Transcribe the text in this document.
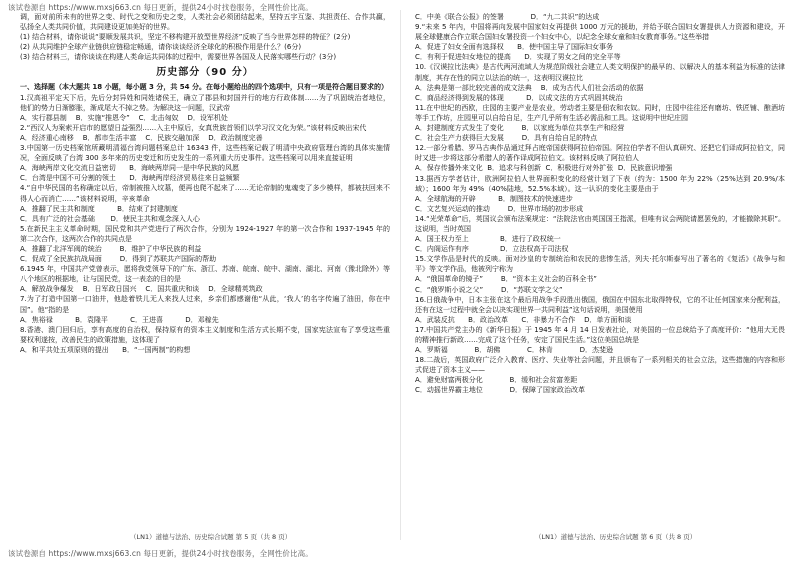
该试卷源自 https://www.mxsj663.cn 每日更新，提供24小时找卷服务，全网性价比高。

调，面对前所未有的世界之变、时代之变和历史之变，人类社会必须团结起来，坚持五字互鉴、共担责任、合作共赢，弘扬全人类共同价值，共同建设更加美好的世界。

(1) 结合材料，请你说说“要顺发展共识，坚定不移构建开放型世界经济”反映了当今世界怎样的特征？(2分)

(2) 从共同维护全球产业链供应链稳定畅通，请你谈谈经济全球化的积极作用是什么？(6分)

(3) 结合材料三，请你谈谈在构建人类命运共同体的过程中，需要世界各国及人民落实哪些行动？(3分)

历史部分（90 分）

一、选择题（本大题共 18 小题，每小题 3 分，共 54 分。在每小题给出的四个选项中，只有一项是符合题目要求的）

1.汉高祖平定天下后，先后分封异姓和同姓诸侯王，确立了郡县和封国并行的地方行政体制……为了巩固统治者地位，他们的势力日渐膨胀，渐成尾大不掉之势。为解决这一问题，汉武帝

A．实行郡县制 B．实施“推恩令” C．北击匈奴 D．设军机处

2.“西汉人为案索开启市的愿望日益强烈……入主中原后，女真贵族首领们以学习汉文化为荣。”该材料反映出宋代

A．经济重心南移 B．都市生活丰富 C．民族交融加深 D．政治制度完善

3.中国第一历史档案馆所藏明清福台湾问题档案总计 16343 件，这些档案记载了明清中央政府管理台湾的具体实施情况，全面反映了台湾 300 多年来的历史变迁和历史发生的一系列重大历史事件。这些档案可以用来直接证明

A．海峡两岸文化交流日益密切 B．海峡两岸同一是中华民族的风愿

C．台湾是中国不可分割的领土 D．海峡两岸经济贸易往来日益频繁

4.“自中华民国的名称确定以后，帝制被推入坟墓，便再也爬不起来了……无论帝制的鬼魂变了多少模样，都被扶回来不得人心而消亡……”该材料说明，辛亥革命

A．推翻了民主共和制度	B．结束了封建制度

C．具有广泛的社会基础 D．使民主共和观念深入人心

5.在新民主主义革命时期，国民党和共产党进行了两次合作，分别为 1924-1927 年的第一次合作和 1937-1945 年的第二次合作，这两次合作的共同点是

A．推翻了北洋军阀的统治	B．维护了中华民族的利益

C．促成了全民族抗战局面	D．得到了苏联共产国际的帮助

6.1945 年，中国共产党曾表示，愿将我党领导下的广东、浙江、苏南、皖南、皖中、湖南、湖北、河南（豫北除外）等八个地区的根据地，让与国民党，这一表态的目的是

A．解放战争爆发 B．日军政日国兴 C．国共重庆和谈 D．全球精英筑政

7.为了打造中国第一口油井，他趁着铁儿无人来找人过来，乡亲们都感谢他“从此，‘我人’的名字传遍了油田，你在中国”。他“指的是

A．焦裕禄	B．袁隆平	C．王进喜	D．邓稼先

8.香港、澳门回归后，享有高度的自治权，保持原有的资本主义制度和生活方式长期不变，国家宪法宣布了享受这些重要权利遂按，改善民生的政策措施，这体现了

A．和平共处五项原则的提出 B．“一国两制”的构想

（LN1）道德与法治、历史综合试题 第 5 页（共 8 页）

C．中美《联合公报》的签署	D．“九二共识”的达成

9.“未来 5 年内，中国将再向发展中国家妇女再提供 1000 万元的援助，并给予联合国妇女署提供人力资源和建设，开展全球健康合作立联合国妇女署投资一个妇女中心，以纪念全球女童和妇女教育事务。”这些举措

A．促进了妇女全面有选择权 B．使中国主导了国际妇女事务

C．有利于促进妇女地位的提高 D．实现了男女之间的完全平等

10.《汉谟拉比法典》是古代两河流域人为规范阶级社会建立人类文明保护的最早的、以解决人的基本利益为标准的法律制度，其存在性的同立以法治的统一，这表明汉谟拉比

A．法典是第一部比较完善的成文法典 B．成为古代人们社会活动的依据

C．商品经济得到发展的体现	D．以成文法的方式巩固其统治

11.在中世纪的西欧，庄园的主要产业是农业，劳动者主要是佃农和农奴。同时，庄园中往往还有磨坊、铁匠铺、酿酒坊等手工作坊，庄园里可以自给自足，生产几乎所有生活必需品和工具。这说明中世纪庄园

A．封建制度方式发生了变化	B．以家庭为单位共享生产和经营

C．社会生产力获得巨大发展	D．具有自给自足的特点

12.一部分希腊、罗马古典作品通过拜占庭帝国获得阿拉伯帝国。阿拉伯学者不但认真研究、还把它们译成阿拉伯文，同时又进一步将这部分希腊人的著作译成阿拉伯文。该材料反映了阿拉伯人

A．保存传播外来文化 B．追求与科创新 C．积极进行对外扩张 D．民族意识增强

13.据西方学者估计，欧洲阿拉伯人世界面积变化的经营计划了下表（约为：1500 年为 22%（25%达到 20.9%/本域）；1600 年为 49%（40%陆地，52.5%本域）。这一认识的变化主要是由于

A．全球航海的开辟	B．制图技术的快速进步

C．文艺复兴运动的推动	D．世界市场的初步形成

14.“光荣革命”后，英国议会颁布法案规定：“法院法官由英国国王指派，但唯有议会两院请愿罢免的，才能撤除其职”。这说明，当时英国

A．国王权力至上	B．进行了政权统一

C．内阁运作有序	D．立法权高于司法权

15.文学作品是时代的反映。面对沙皇的专制统治和农民的悲惨生活，列夫·托尔斯泰写出了著名的《复活》《战争与和平》等文学作品，他被列宁称为

A．“俄国革命的镜子”	B．“资本主义社会的百科全书”

C．“俄罗斯小说之父”	D．“苏联文学之父”

16.日俄战争中，日本主张在这个最后用战争手段胜出俄国，俄国在中国东北取得特权，它的不让任何国家来分配利益，还有在这一过程中就全会以决实现世界一共同利益”这句话说明，美国使用

A．武装反抗 B．政治改革 C．非暴力不合作 D．单方面和谈

17.中国共产党主办的《新华日报》于 1945 年 4 月 14 日发表社论，对美国的一位总统给予了高度评价：“他用大无畏的精神推行新政……完成了这个任务，安定了国民生活。”这位美国总统是

A．罗斯福	B．胡佛	C．林肯	D．杰斐逊

18.二战后，英国政府广泛介入教育、医疗、失业等社会问题，并且颁布了一系列相关的社会立法，这些措施的内容和形式促进了资本主义——

A．避免财富两极分化	B．缓和社会贫富差距

C．动摇世界霸主地位	D．保障了国家政治改革

（LN1）道德与法治、历史综合试题 第 6 页（共 8 页）
该试卷源自 https://www.mxsj663.cn 每日更新，提供24小时找卷服务，全网性价比高。
